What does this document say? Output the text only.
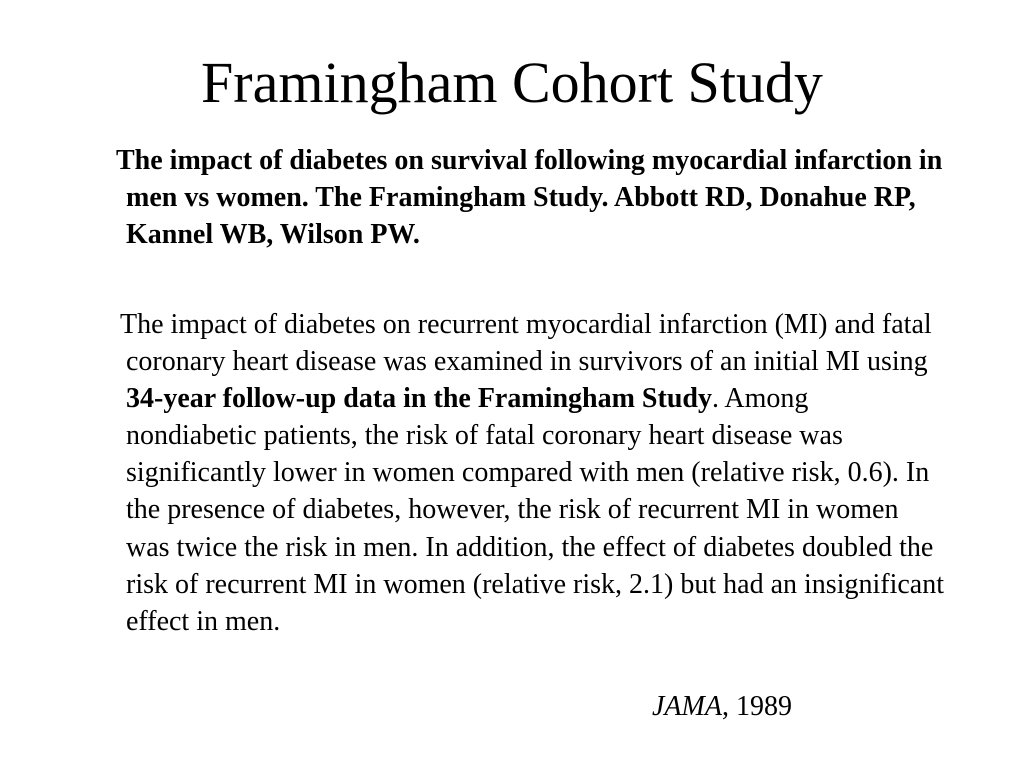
Framingham Cohort Study

The impact of diabetes on survival following myocardial infarction in men vs women. The Framingham Study. Abbott RD, Donahue RP, Kannel WB, Wilson PW.

The impact of diabetes on recurrent myocardial infarction (MI) and fatal coronary heart disease was examined in survivors of an initial MI using 34-year follow-up data in the Framingham Study. Among nondiabetic patients, the risk of fatal coronary heart disease was significantly lower in women compared with men (relative risk, 0.6). In the presence of diabetes, however, the risk of recurrent MI in women was twice the risk in men. In addition, the effect of diabetes doubled the risk of recurrent MI in women (relative risk, 2.1) but had an insignificant effect in men.

JAMA, 1989
